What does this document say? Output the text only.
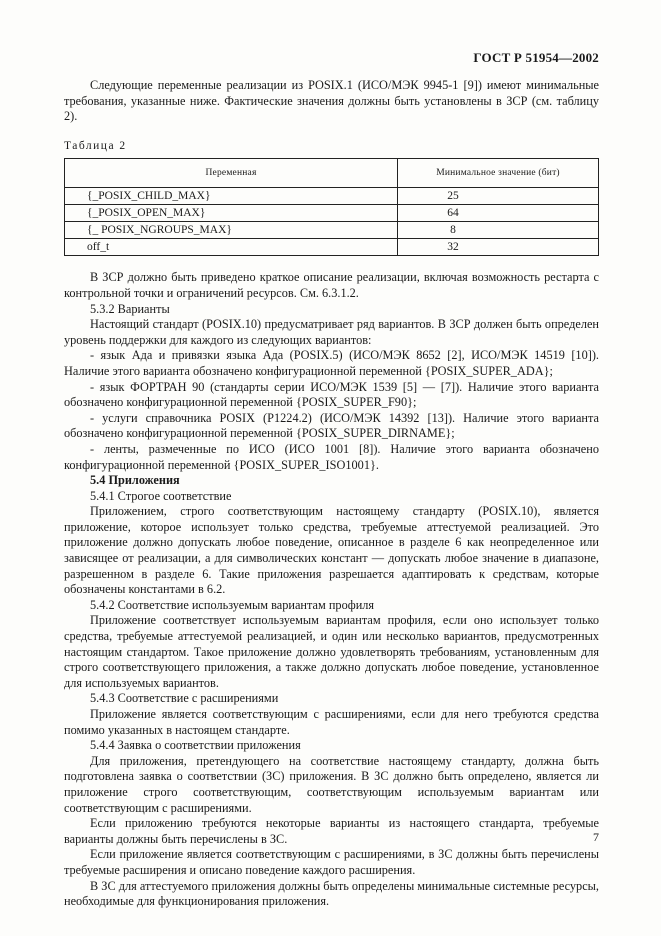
ГОСТ Р 51954—2002

Следующие переменные реализации из POSIX.1 (ИСО/МЭК 9945-1 [9]) имеют минимальные требования, указанные ниже. Фактические значения должны быть установлены в ЗСР (см. таблицу 2).

Таблица 2
Переменная	Минимальное значение (бит)
{_POSIX_CHILD_MAX}	25
{_POSIX_OPEN_MAX}	64
{_ POSIX_NGROUPS_MAX}	8
off_t	32

В ЗСР должно быть приведено краткое описание реализации, включая возможность рестарта с контрольной точки и ограничений ресурсов. См. 6.3.1.2.

5.3.2 Варианты

Настоящий стандарт (POSIX.10) предусматривает ряд вариантов. В ЗСР должен быть определен уровень поддержки для каждого из следующих вариантов:

- язык Ада и привязки языка Ада (POSIX.5) (ИСО/МЭК 8652 [2], ИСО/МЭК 14519 [10]). Наличие этого варианта обозначено конфигурационной переменной {POSIX_SUPER_ADA};

- язык ФОРТРАН 90 (стандарты серии ИСО/МЭК 1539 [5] — [7]). Наличие этого варианта обозначено конфигурационной переменной {POSIX_SUPER_F90};

- услуги справочника POSIX (P1224.2) (ИСО/МЭК 14392 [13]). Наличие этого варианта обозначено конфигурационной переменной {POSIX_SUPER_DIRNAME};

- ленты, размеченные по ИСО (ИСО 1001 [8]). Наличие этого варианта обозначено конфигурационной переменной {POSIX_SUPER_ISO1001}.

5.4 Приложения

5.4.1 Строгое соответствие

Приложением, строго соответствующим настоящему стандарту (POSIX.10), является приложение, которое использует только средства, требуемые аттестуемой реализацией. Это приложение должно допускать любое поведение, описанное в разделе 6 как неопределенное или зависящее от реализации, а для символических констант — допускать любое значение в диапазоне, разрешенном в разделе 6. Такие приложения разрешается адаптировать к средствам, которые обозначены константами в 6.2.

5.4.2 Соответствие используемым вариантам профиля

Приложение соответствует используемым вариантам профиля, если оно использует только средства, требуемые аттестуемой реализацией, и один или несколько вариантов, предусмотренных настоящим стандартом. Такое приложение должно удовлетворять требованиям, установленным для строго соответствующего приложения, а также должно допускать любое поведение, установленное для используемых вариантов.

5.4.3 Соответствие с расширениями

Приложение является соответствующим с расширениями, если для него требуются средства помимо указанных в настоящем стандарте.

5.4.4 Заявка о соответствии приложения

Для приложения, претендующего на соответствие настоящему стандарту, должна быть подготовлена заявка о соответствии (ЗС) приложения. В ЗС должно быть определено, является ли приложение строго соответствующим, соответствующим используемым вариантам или соответствующим с расширениями.

Если приложению требуются некоторые варианты из настоящего стандарта, требуемые варианты должны быть перечислены в ЗС.

Если приложение является соответствующим с расширениями, в ЗС должны быть перечислены требуемые расширения и описано поведение каждого расширения.

В ЗС для аттестуемого приложения должны быть определены минимальные системные ресурсы, необходимые для функционирования приложения.

7
